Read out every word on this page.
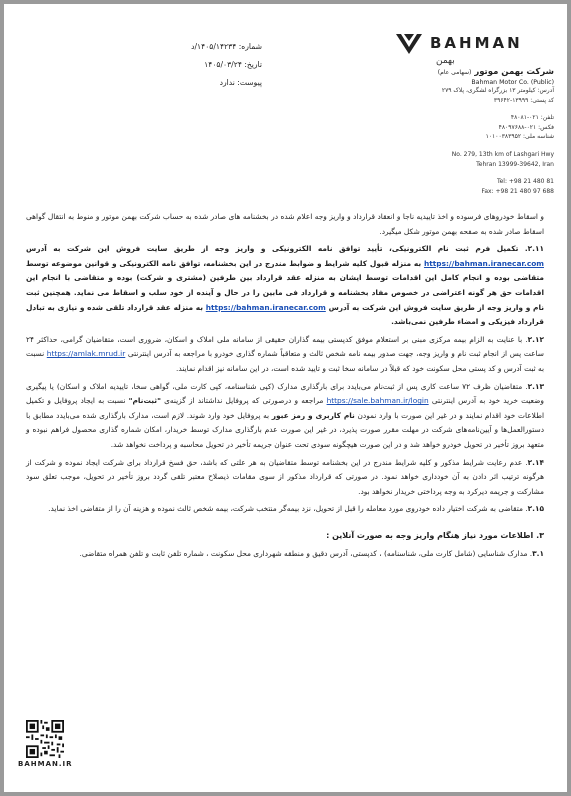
شماره: ۱۴۰۵/۱۴۲۳۴/د
تاریخ: ۱۴۰۵/۰۳/۲۴
پیوست: ندارد
BAHMAN
بهمن
شرکت بهمن موتور (سهامی عام)
Bahman Motor Co. (Public)
آدرس: کیلومتر ۱۳ بزرگراه لشگری، پلاک ۲۷۹
کد پستی: ۱۳۹۹۹-۳۹۶۴۲
تلفن: ۰۲۱-۴۸۰۸۱
فکس: ۰۲۱-۴۸۰۹۷۶۸۸
شناسه ملی: ۱۰۱۰۰۳۸۳۹۵۲
No. 279, 13th km of Lashgari Hwy
Tehran 13999-39642, Iran
Tel: +98 21 480 81
Fax: +98 21 480 97 688

و اسقاط خودروهای فرسوده و اخذ تاییدیه ناجا و انعقاد قرارداد و واریز وجه اعلام شده در بخشنامه های صادر شده به حساب شرکت بهمن موتور و منوط به انتقال گواهی اسقاط صادر شده به صفحه بهمن موتور شکل میگیرد.

۲.۱۱. تکمیل فرم ثبت نام الکترونیکی، تأیید توافق نامه الکترونیکی و واریز وجه از طریق سایت فروش این شرکت به آدرس https://bahman.iranecar.com به منزله قبول کلیه شرایط و ضوابط مندرج در این بخشنامه، توافق نامه الکترونیکی و قوانین موضوعه توسط متقاضی بوده و انجام کامل این اقدامات توسط ایشان به منزله عقد قرارداد بین طرفین (مشتری و شرکت) بوده و متقاضی با انجام این اقدامات حق هر گونه اعتراضی در خصوص مفاد بخشنامه و قرارداد فی مابین را در حال و آینده از خود سلب و اسقاط می نماید. همچنین ثبت نام و واریز وجه از طریق سایت فروش این شرکت به آدرس https://bahman.iranecar.com به منزله عقد قرارداد تلقی شده و نیازی به تبادل قرارداد فیزیکی و امضاء طرفین نمی‌باشد.

۲.۱۲. با عنایت به الزام بیمه مرکزی مبنی بر استعلام موفق کدپستی بیمه گذاران حقیقی از سامانه ملی املاک و اسکان، ضروری است، متقاضیان گرامی، حداکثر ۲۴ ساعت پس از انجام ثبت نام و واریز وجه، جهت صدور بیمه نامه شخص ثالث و متعاقباً شماره گذاری خودرو با مراجعه به آدرس اینترنتی https://amlak.mrud.ir نسبت به ثبت آدرس و کد پستی محل سکونت خود که قبلاً در سامانه سخا ثبت و تایید شده است، در این سامانه نیز اقدام نمایند.

۲.۱۳. متقاضیان ظرف ۷۲ ساعت کاری پس از ثبت‌نام می‌بایدد برای بارگذاری مدارک (کپی شناسنامه، کپی کارت ملی، گواهی سخا، تاییدیه املاک و اسکان) یا پیگیری وضعیت خرید خود به آدرس اینترنتی https://sale.bahman.ir/login مراجعه و درصورتی که پروفایل نداشتاند از گزینه‌ی "ثبت‌نام" نسبت به ایجاد پروفایل و تکمیل اطلاعات خود اقدام نمایند و در غیر این صورت با وارد نمودن نام کاربری و رمز عبور به پروفایل خود وارد شوند. لازم است، مدارک بارگذاری شده می‌بایدد مطابق با دستورالعمل‌ها و آیین‌نامه‌های شرکت در مهلت مقرر صورت پذیرد، در غیر این صورت عدم بارگذاری مدارک توسط خریدار، امکان شماره گذاری محصول فراهم نبوده و متعهد بروز تأخیر در تحویل خودرو خواهد شد و در این صورت هیچگونه سودی تحت عنوان جریمه تأخیر در تحویل محاسبه و پرداخت نخواهد شد.

۲.۱۴. عدم رعایت شرایط مذکور و کلیه شرایط مندرج در این بخشنامه توسط متقاضیان به هر علتی که باشد، حق فسخ قرارداد برای شرکت ایجاد نموده و شرکت از هرگونه ترتیب اثر دادن به آن خودداری خواهد نمود. در صورتی که قرارداد مذکور از سوی مقامات ذیصلاح معتبر تلقی گردد بروز تأخیر در تحویل، موجب تعلق سود مشارکت و جریمه دیرکرد به وجه پرداختی خریدار نخواهد بود.

۲.۱۵. متقاضی به شرکت اختیار داده خودروی مورد معامله را قبل از تحویل، نزد بیمه‌گر منتخب شرکت، بیمه شخص ثالث نموده و هزینه آن را از متقاضی اخذ نماید.

۳. اطلاعات مورد نیاز هنگام واریز وجه به صورت آنلاین :

۳.۱. مدارک شناسایی (شامل کارت ملی، شناسنامه) ، کدپستی، آدرس دقیق و منطقه شهرداری محل سکونت ، شماره تلفن ثابت و تلفن همراه متقاضی.

BAHMAN.IR
